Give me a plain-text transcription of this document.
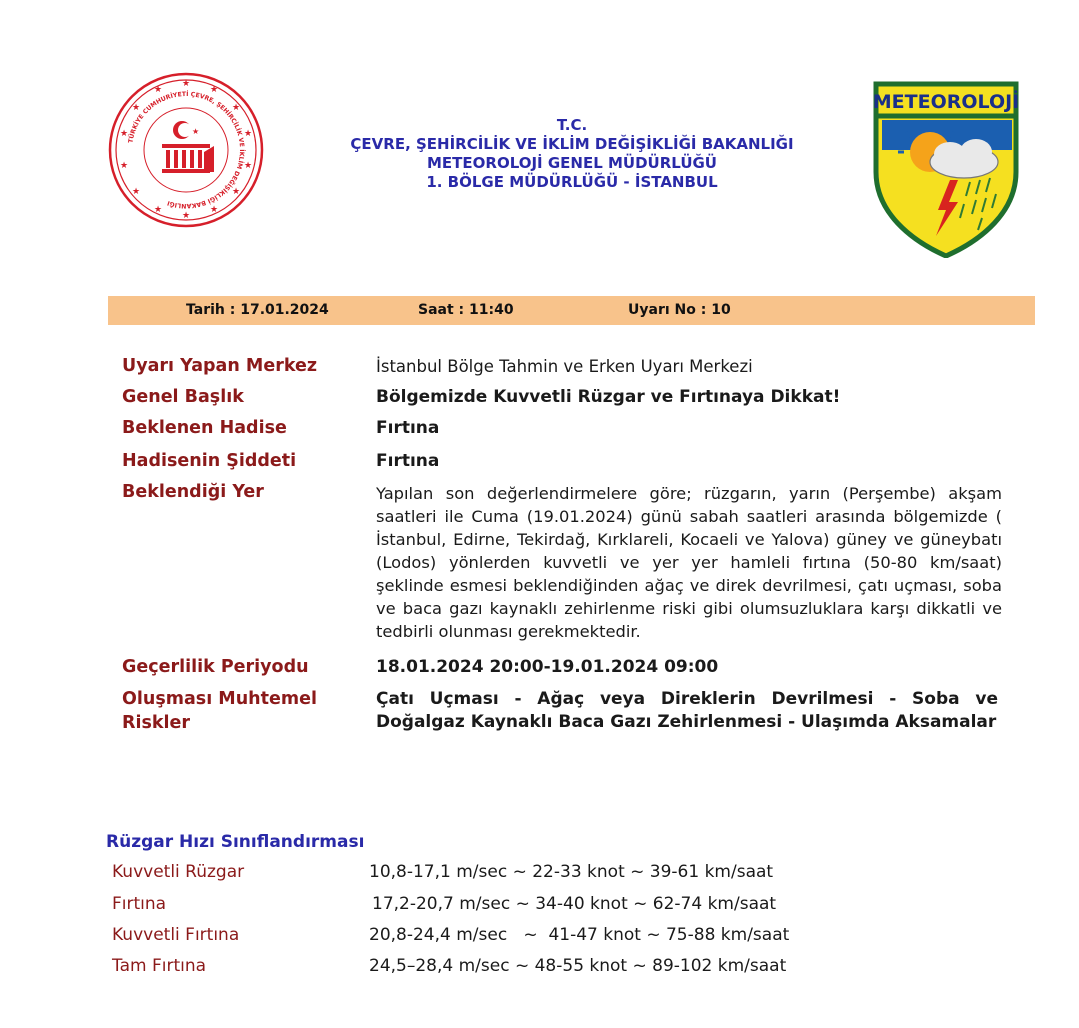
★
★
★
★
★
★
★
★
★
★
★
★
★
★
TÜRKİYE CUMHURİYETİ ÇEVRE, ŞEHİRCİLİK VE İKLİM DEĞİŞİKLİĞİ BAKANLIĞI
★	T.C.
ÇEVRE, ŞEHİRCİLİK VE İKLİM DEĞİŞİKLİĞİ BAKANLIĞI
METEOROLOJİ GENEL MÜDÜRLÜĞÜ
1. BÖLGE MÜDÜRLÜĞÜ - İSTANBUL
METEOROLOJİ
Tarih : 17.01.2024	Saat : 11:40	Uyarı No : 10
Uyarı Yapan Merkez	İstanbul Bölge Tahmin ve Erken Uyarı Merkezi
Genel Başlık	Bölgemizde Kuvvetli Rüzgar ve Fırtınaya Dikkat!
Beklenen Hadise	Fırtına
Hadisenin Şiddeti	Fırtına
Beklendiği Yer	Yapılan son değerlendirmelere göre; rüzgarın, yarın (Perşembe) akşam saatleri ile Cuma (19.01.2024) günü sabah saatleri arasında bölgemizde ( İstanbul, Edirne, Tekirdağ, Kırklareli, Kocaeli ve Yalova) güney ve güneybatı (Lodos) yönlerden kuvvetli ve yer yer hamleli fırtına (50-80 km/saat) şeklinde esmesi beklendiğinden ağaç ve direk devrilmesi, çatı uçması, soba ve baca gazı kaynaklı zehirlenme riski gibi olumsuzluklara karşı dikkatli ve tedbirli olunması gerekmektedir.
Geçerlilik Periyodu	18.01.2024 20:00-19.01.2024 09:00
Oluşması Muhtemel
Riskler
Çatı Uçması - Ağaç veya Direklerin Devrilmesi - Soba ve Doğalgaz Kaynaklı Baca Gazı Zehirlenmesi - Ulaşımda Aksamalar
Rüzgar Hızı Sınıflandırması
Kuvvetli Rüzgar	10,8-17,1 m/sec ~ 22-33 knot ~ 39-61 km/saat
Fırtına	17,2-20,7 m/sec ~ 34-40 knot ~ 62-74 km/saat
Kuvvetli Fırtına	20,8-24,4 m/sec   ~  41-47 knot ~ 75-88 km/saat
Tam Fırtına	24,5–28,4 m/sec ~ 48-55 knot ~ 89-102 km/saat
